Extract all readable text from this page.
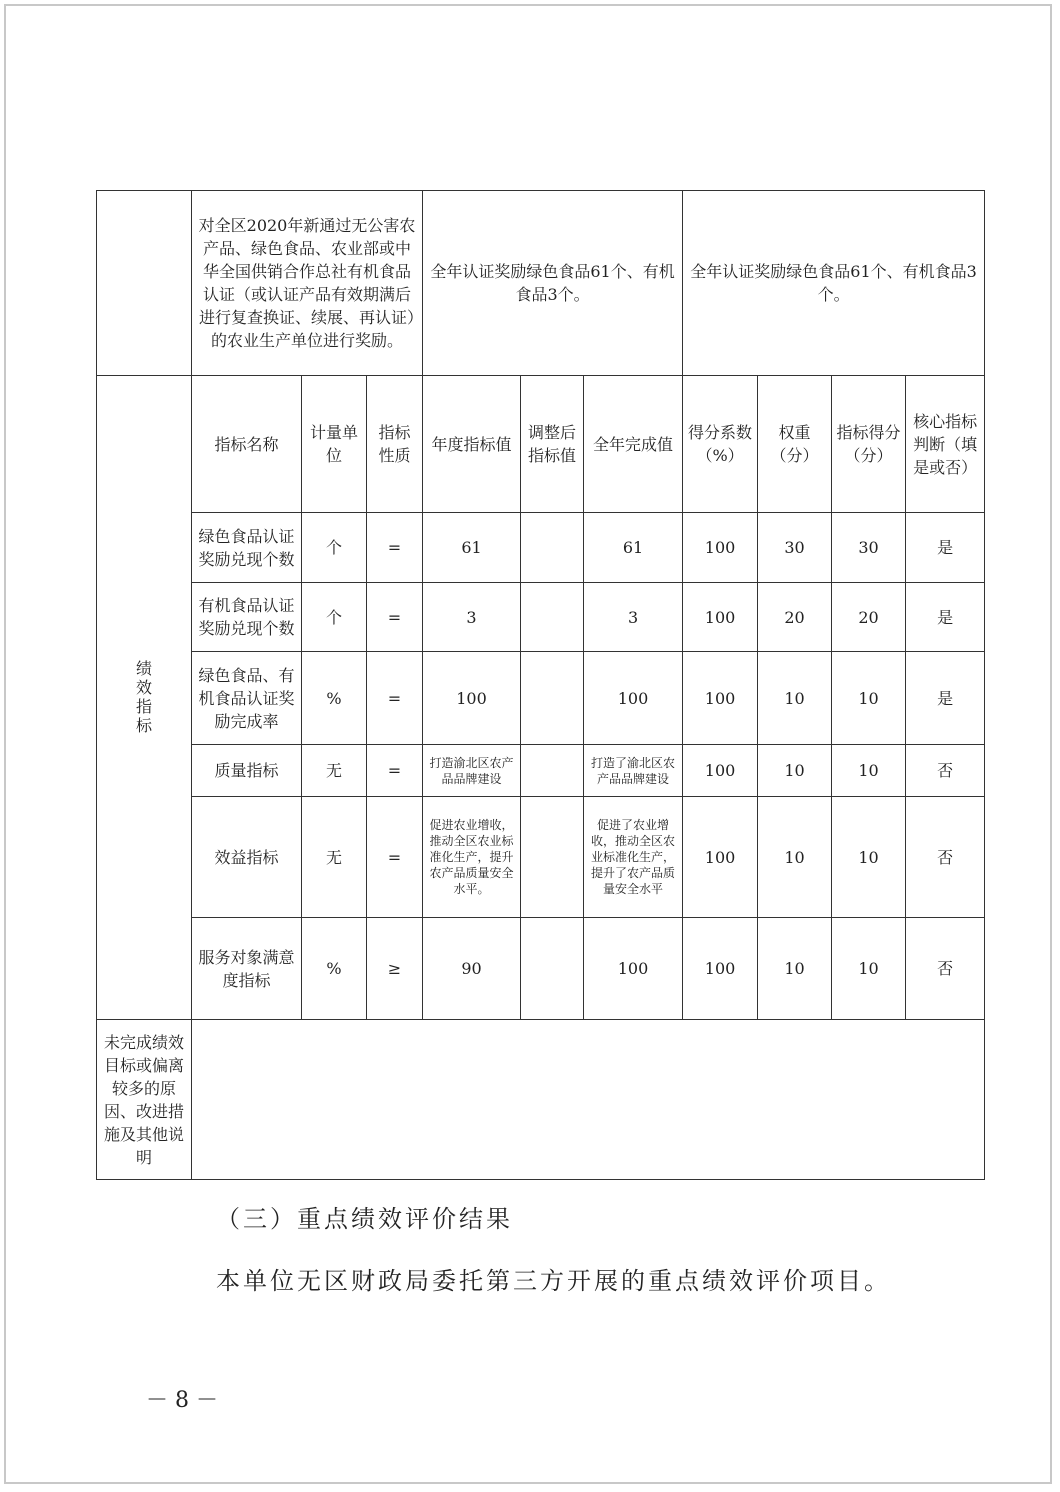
	对全区2020年新通过无公害农产品、绿色食品、农业部或中华全国供销合作总社有机食品认证（或认证产品有效期满后进行复查换证、续展、再认证）的农业生产单位进行奖励。			全年认证奖励绿色食品61个、有机食品3个。			全年认证奖励绿色食品61个、有机食品3个。			
绩效指标	指标名称	计量单位	指标性质	年度指标值	调整后指标值	全年完成值	得分系数（%）	权重（分）	指标得分（分）	核心指标判断（填是或否）
	绿色食品认证奖励兑现个数	个	=	61		61	100	30	30	是
	有机食品认证奖励兑现个数	个	=	3		3	100	20	20	是
	绿色食品、有机食品认证奖励完成率	%	=	100		100	100	10	10	是
	质量指标	无	=	打造渝北区农产品品牌建设		打造了渝北区农产品品牌建设	100	10	10	否
	效益指标	无	=	促进农业增收，推动全区农业标准化生产，提升农产品质量安全水平。		促进了农业增收，推动全区农业标准化生产，提升了农产品质量安全水平	100	10	10	否
	服务对象满意度指标	%	≥	90		100	100	10	10	否
未完成绩效目标或偏离较多的原因、改进措施及其他说明										

（三）重点绩效评价结果

本单位无区财政局委托第三方开展的重点绩效评价项目。

－ 8 －
